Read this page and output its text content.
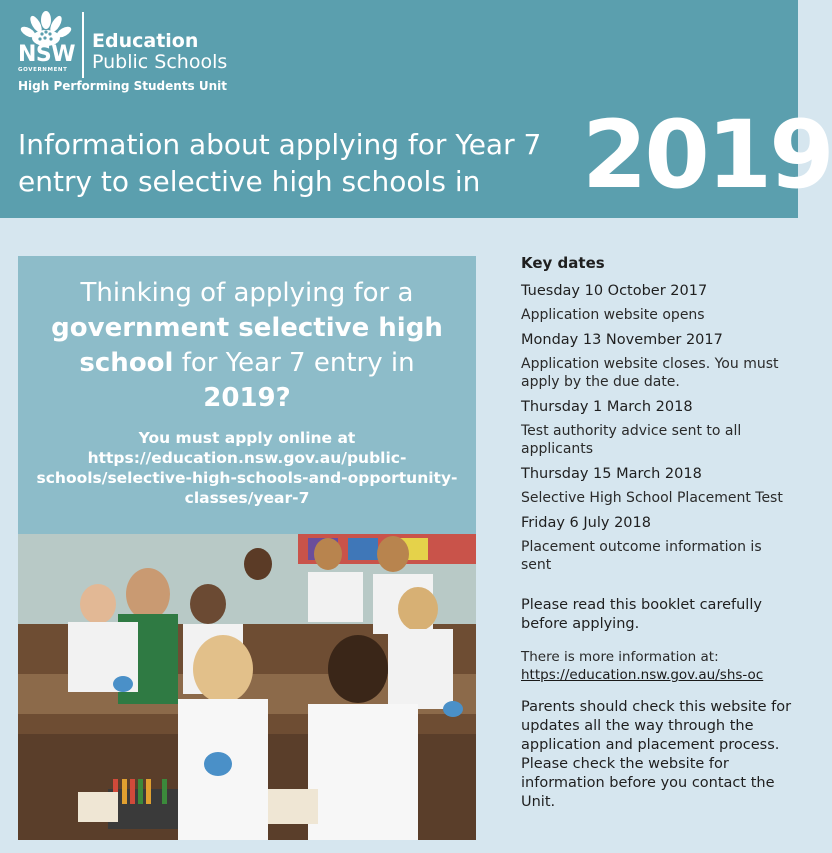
NSW
GOVERNMENT
Education
Public Schools
High Performing Students Unit
Information about applying for Year 7 entry to selective high schools in	2019
Thinking of applying for a government selective high school for Year 7 entry in 2019?
You must apply online at https://education.nsw.gov.au/public-schools/selective-high-schools-and-opportunity-classes/year-7
Key dates
Tuesday 10 October 2017
Application website opens
Monday 13 November 2017
Application website closes. You must apply by the due date.
Thursday 1 March 2018
Test authority advice sent to all applicants
Thursday 15 March 2018
Selective High School Placement Test
Friday 6 July 2018
Placement outcome information is sent
Please read this booklet carefully before applying.
There is more information at:
https://education.nsw.gov.au/shs-oc
Parents should check this website for updates all the way through the application and placement process. Please check the website for information before you contact the Unit.
